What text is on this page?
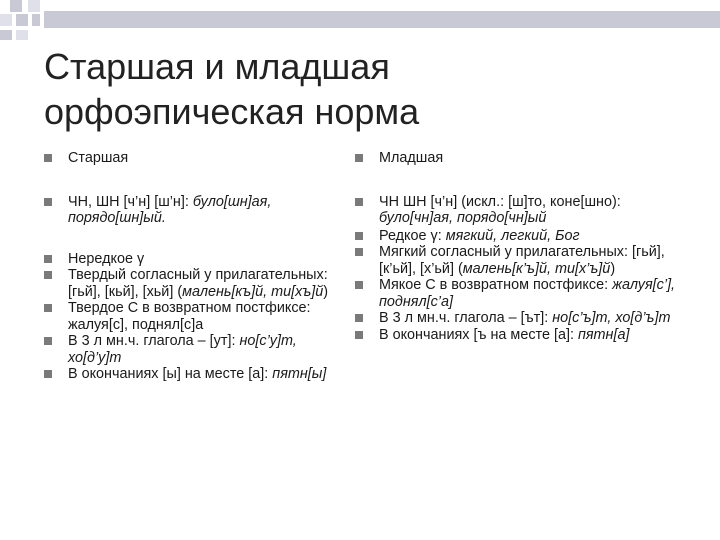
Старшая и младшая
орфоэпическая норма
Старшая
ЧН, ШН [ч’н] [ш’н]: було[шн]ая, порядо[шн]ый.
Нередкое γ
Твердый согласный у прилагательных: [гьй], [кьй], [хьй] (малень[къ]й, ти[хъ]й)
Твердое С в возвратном постфиксе: жалуя[с], поднял[с]а
В 3 л мн.ч. глагола – [ут]: но[с’у]т, хо[д’у]т
В окончаниях [ы] на месте [а]: пятн[ы]
Младшая
ЧН ШН [ч’н] (искл.: [ш]то, коне[шно): було[чн]ая, порядо[чн]ый
Редкое γ: мягкий, легкий, Бог
Мягкий согласный у прилагательных: [гьй], [к’ьй], [х’ьй] (малень[к’ъ]й, ти[х’ъ]й)
Мякое С в возвратном постфиксе: жалуя[с’], поднял[с’а]
В 3 л мн.ч. глагола – [ът]: но[с’ъ]т, хо[д’ъ]т
В окончаниях [ъ на месте [а]: пятн[а]
